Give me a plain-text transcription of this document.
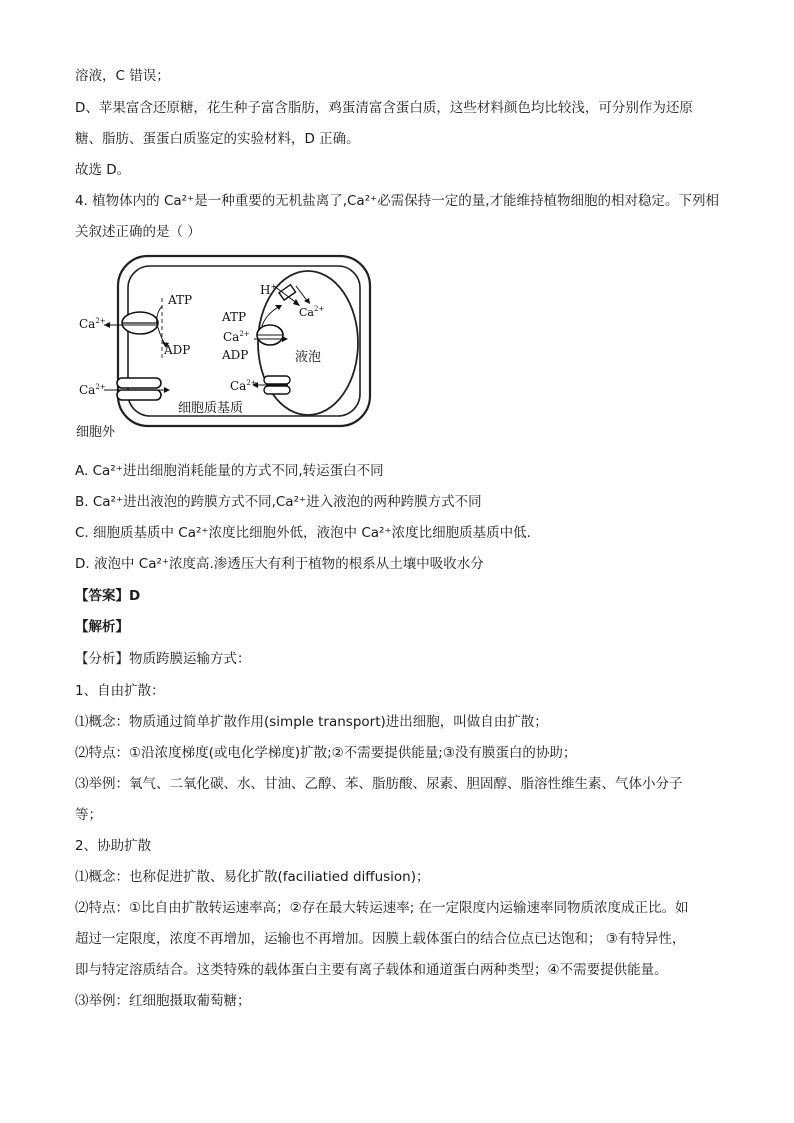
溶液，C 错误；
D、苹果富含还原糖，花生种子富含脂肪，鸡蛋清富含蛋白质，这些材料颜色均比较浅，可分别作为还原
糖、脂肪、蛋蛋白质鉴定的实验材料，D 正确。
故选 D。
4. 植物体内的 Ca²⁺是一种重要的无机盐离了,Ca²⁺必需保持一定的量,才能维持植物细胞的相对稳定。下列相
关叙述正确的是（ ）
$Ca^{2+}$
ATP
ADP
$Ca^{2+}$
H+
$Ca^{2+}$
ATP
$Ca^{2+}$
ADP	液泡
$Ca^{2+}$
细胞质基质
细胞外
A. Ca²⁺进出细胞消耗能量的方式不同,转运蛋白不同
B. Ca²⁺进出液泡的跨膜方式不同,Ca²⁺进入液泡的两种跨膜方式不同
C. 细胞质基质中 Ca²⁺浓度比细胞外低，液泡中 Ca²⁺浓度比细胞质基质中低.
D. 液泡中 Ca²⁺浓度高.渗透压大有利于植物的根系从土壤中吸收水分
【答案】D
【解析】
【分析】物质跨膜运输方式：
1、自由扩散：
⑴概念：物质通过简单扩散作用(simple transport)进出细胞，叫做自由扩散；
⑵特点：①沿浓度梯度(或电化学梯度)扩散;②不需要提供能量;③没有膜蛋白的协助；
⑶举例：氧气、二氧化碳、水、甘油、乙醇、苯、脂肪酸、尿素、胆固醇、脂溶性维生素、气体小分子
等；
2、协助扩散
⑴概念：也称促进扩散、易化扩散(faciliatied diffusion)；
⑵特点：①比自由扩散转运速率高；②存在最大转运速率; 在一定限度内运输速率同物质浓度成正比。如
超过一定限度，浓度不再增加，运输也不再增加。因膜上载体蛋白的结合位点已达饱和； ③有特异性，
即与特定溶质结合。这类特殊的载体蛋白主要有离子载体和通道蛋白两种类型；④不需要提供能量。
⑶举例：红细胞摄取葡萄糖；
